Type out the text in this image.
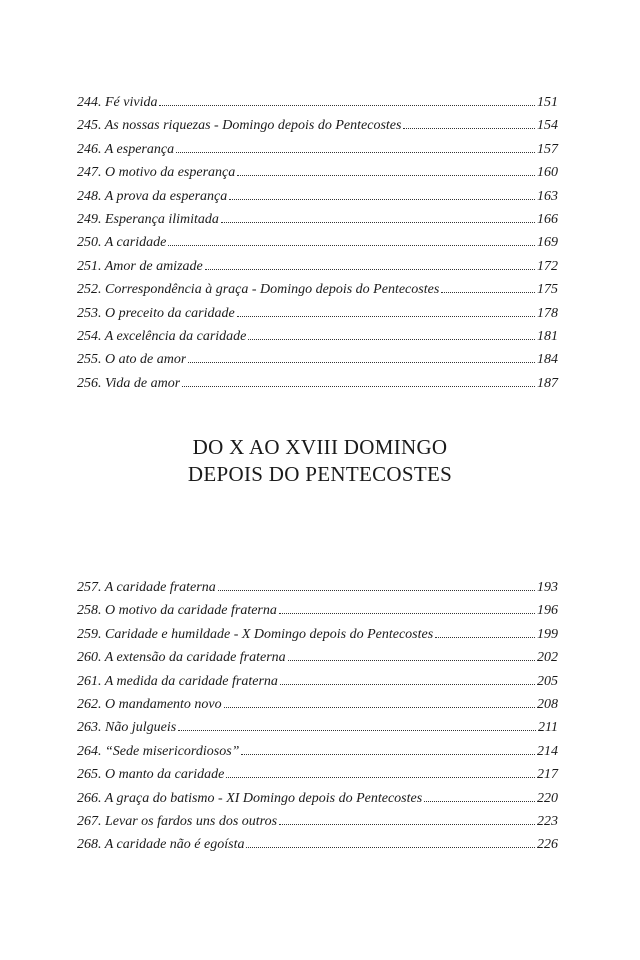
244. Fé vivida	151
245. As nossas riquezas - Domingo depois do Pentecostes	154
246. A esperança	157
247. O motivo da esperança	160
248. A prova da esperança	163
249. Esperança ilimitada	166
250. A caridade	169
251. Amor de amizade	172
252. Correspondência à graça - Domingo depois do Pentecostes	175
253. O preceito da caridade	178
254. A excelência da caridade	181
255. O ato de amor	184
256. Vida de amor	187
DO X AO XVIII DOMINGO
DEPOIS DO PENTECOSTES
257. A caridade fraterna	193
258. O motivo da caridade fraterna	196
259. Caridade e humildade - X Domingo depois do Pentecostes	199
260. A extensão da caridade fraterna	202
261. A medida da caridade fraterna	205
262. O mandamento novo	208
263. Não julgueis	211
264. “Sede misericordiosos”	214
265. O manto da caridade	217
266. A graça do batismo - XI Domingo depois do Pentecostes	220
267. Levar os fardos uns dos outros	223
268. A caridade não é egoísta	226
